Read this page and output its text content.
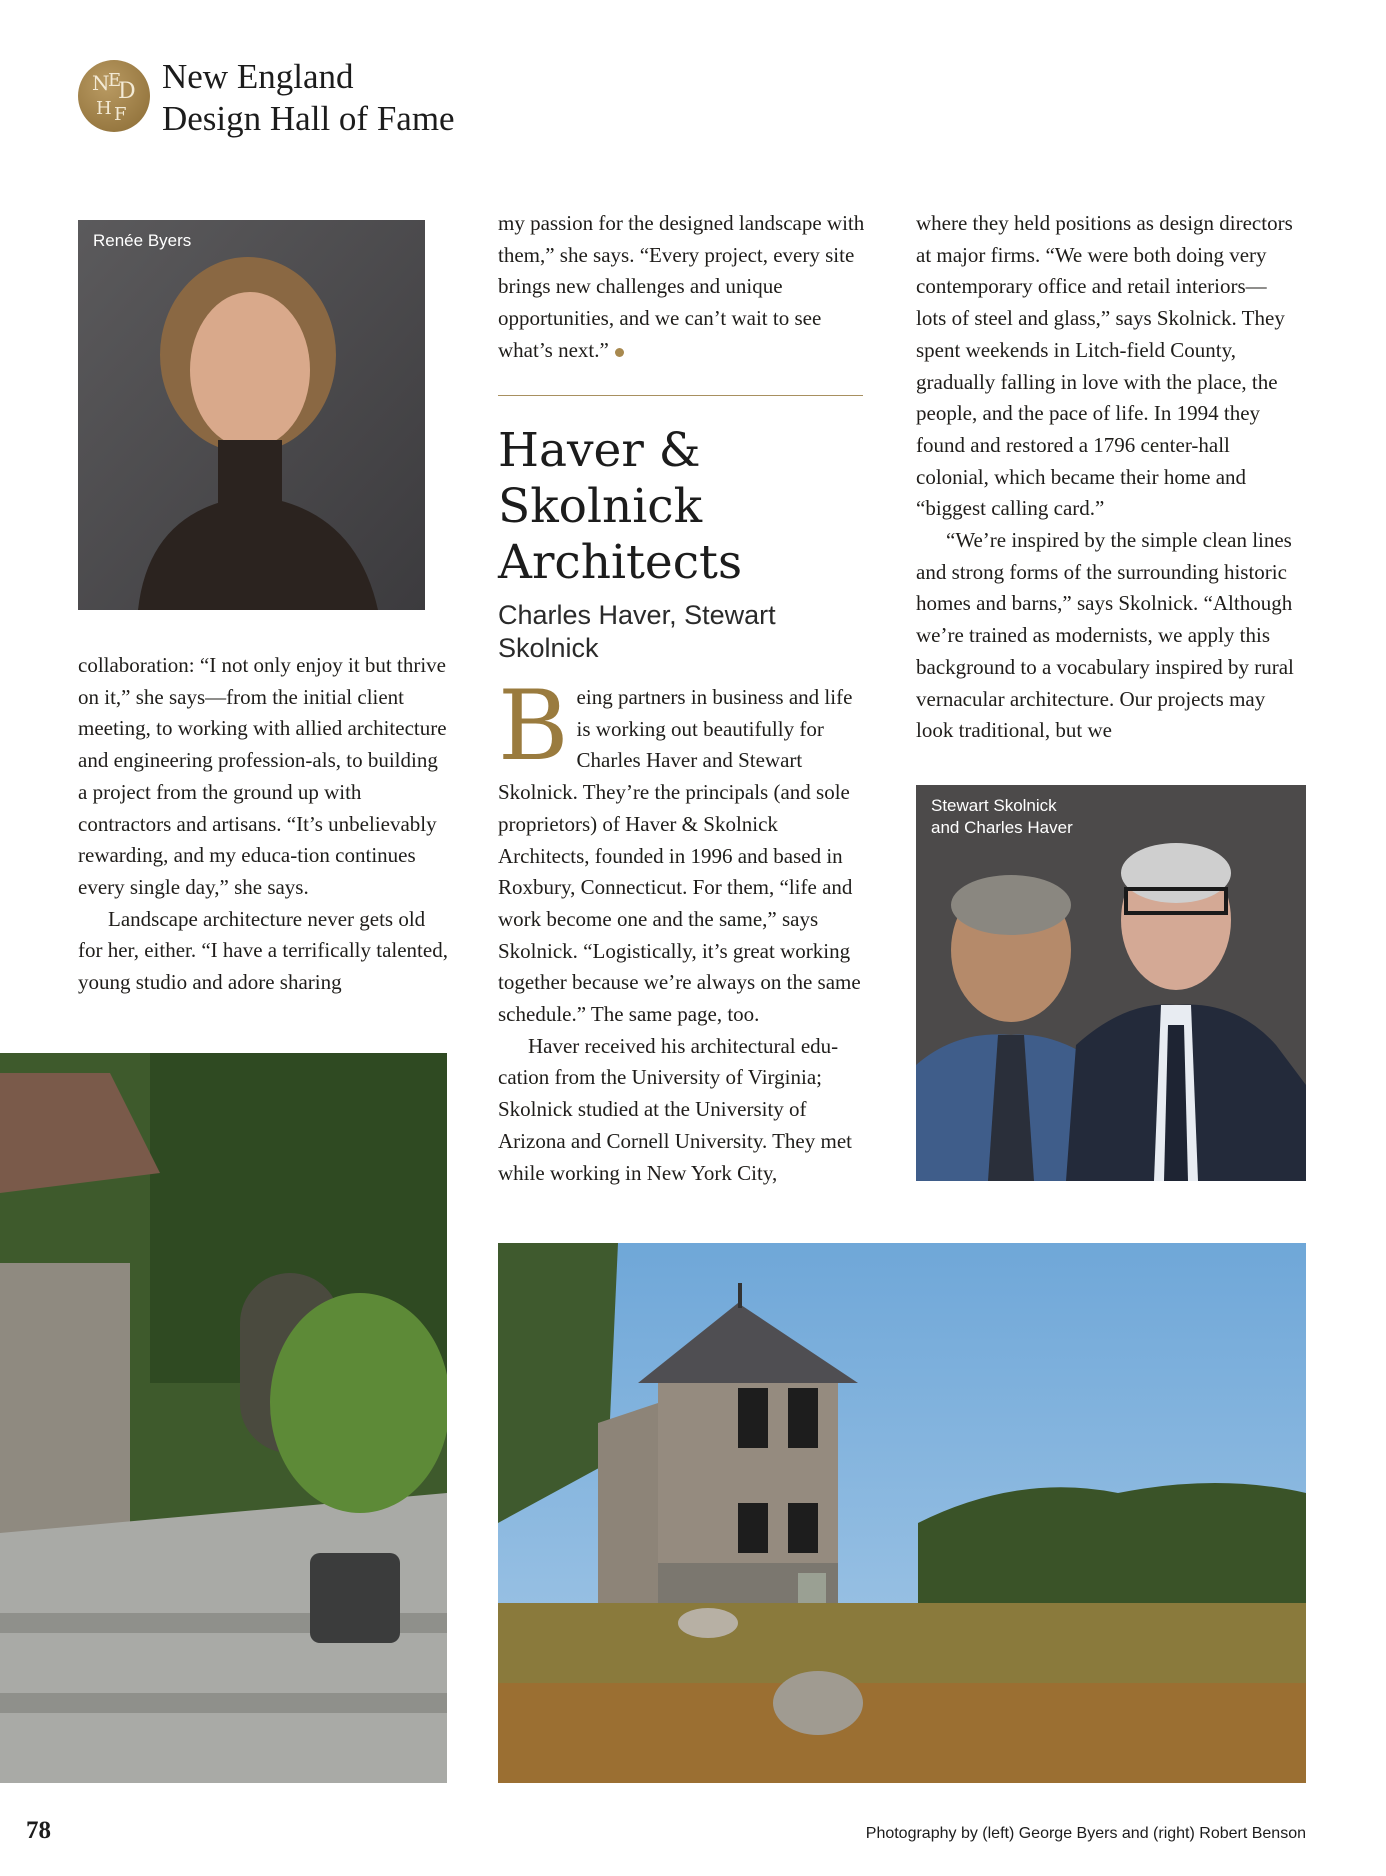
N
E
D
H F
New England
Design Hall of Fame
Renée Byers

collaboration: “I not only enjoy it but thrive on it,” she says—from the initial client meeting, to working with allied architecture and engineering profession-als, to building a project from the ground up with contractors and artisans. “It’s unbelievably rewarding, and my educa-tion continues every single day,” she says.

Landscape architecture never gets old for her, either. “I have a terrifically talented, young studio and adore sharing

my passion for the designed landscape with them,” she says. “Every project, every site brings new challenges and unique opportunities, and we can’t wait to see what’s next.”

Haver &
Skolnick
Architects
Charles Haver, Stewart Skolnick

Being partners in business and life is working out beautifully for Charles Haver and Stewart Skolnick. They’re the principals (and sole proprietors) of Haver & Skolnick Architects, founded in 1996 and based in Roxbury, Connecticut. For them, “life and work become one and the same,” says Skolnick. “Logistically, it’s great working together because we’re always on the same schedule.” The same page, too.

Haver received his architectural edu-cation from the University of Virginia; Skolnick studied at the University of Arizona and Cornell University. They met while working in New York City,

where they held positions as design directors at major firms. “We were both doing very contemporary office and retail interiors—lots of steel and glass,” says Skolnick. They spent weekends in Litch-field County, gradually falling in love with the place, the people, and the pace of life. In 1994 they found and restored a 1796 center-hall colonial, which became their home and “biggest calling card.”

“We’re inspired by the simple clean lines and strong forms of the surrounding historic homes and barns,” says Skolnick. “Although we’re trained as modernists, we apply this background to a vocabulary inspired by rural vernacular architecture. Our projects may look traditional, but we

Stewart Skolnick
and Charles Haver
78	Photography by (left) George Byers and (right) Robert Benson
